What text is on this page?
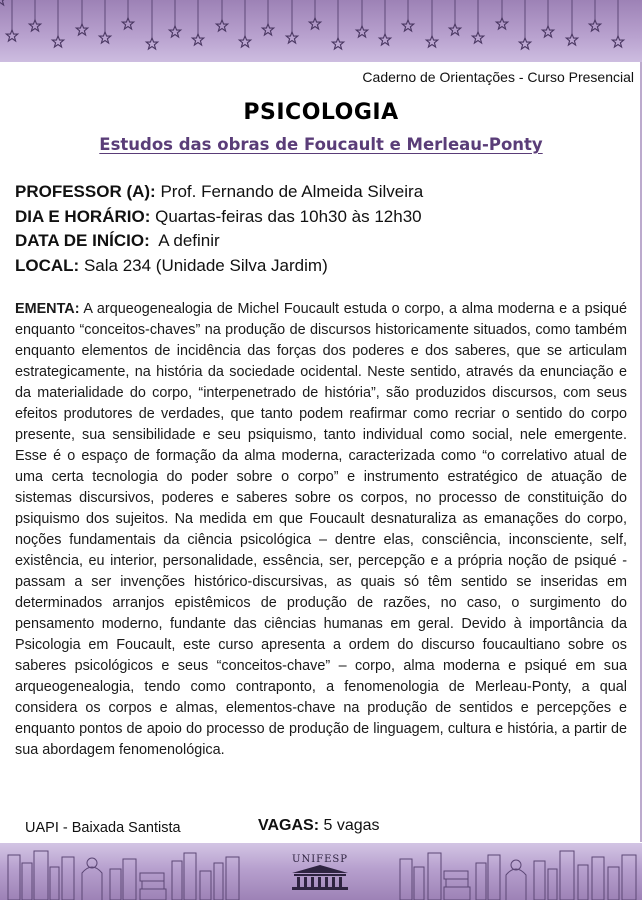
Caderno de Orientações - Curso Presencial
PSICOLOGIA
Estudos das obras de Foucault e Merleau-Ponty
PROFESSOR (A): Prof. Fernando de Almeida Silveira
DIA E HORÁRIO: Quartas-feiras das 10h30 às 12h30
DATA DE INÍCIO:  A definir
LOCAL: Sala 234 (Unidade Silva Jardim)
EMENTA: A arqueogenealogia de Michel Foucault estuda o corpo, a alma moderna e a psiqué enquanto “conceitos-chaves” na produção de discursos historicamente situados, como também enquanto elementos de incidência das forças dos poderes e dos saberes, que se articulam estrategicamente, na história da sociedade ocidental. Neste sentido, através da enunciação e da materialidade do corpo, “interpenetrado de história”, são produzidos discursos, com seus efeitos produtores de verdades, que tanto podem reafirmar como recriar o sentido do corpo presente, sua sensibilidade e seu psiquismo, tanto individual como social, nele emergente. Esse é o espaço de formação da alma moderna, caracterizada como “o correlativo atual de uma certa tecnologia do poder sobre o corpo” e instrumento estratégico de atuação de sistemas discursivos, poderes e saberes sobre os corpos, no processo de constituição do psiquismo dos sujeitos. Na medida em que Foucault desnaturaliza as emanações do corpo, noções fundamentais da ciência psicológica – dentre elas, consciência, inconsciente, self, existência, eu interior, personalidade, essência, ser, percepção e a própria noção de psiqué - passam a ser invenções histórico-discursivas, as quais só têm sentido se inseridas em determinados arranjos epistêmicos de produção de razões, no caso, o surgimento do pensamento moderno, fundante das ciências humanas em geral. Devido à importância da Psicologia em Foucault, este curso apresenta a ordem do discurso foucaultiano sobre os saberes psicológicos e seus “conceitos-chave” – corpo, alma moderna e psiqué em sua arqueogenealogia, tendo como contraponto, a fenomenologia de Merleau-Ponty, a qual considera os corpos e almas, elementos-chave na produção de sentidos e percepções e enquanto pontos de apoio do processo de produção de linguagem, cultura e história, a partir de sua abordagem fenomenológica.
UAPI - Baixada Santista	VAGAS: 5 vagas
UNIFESP
